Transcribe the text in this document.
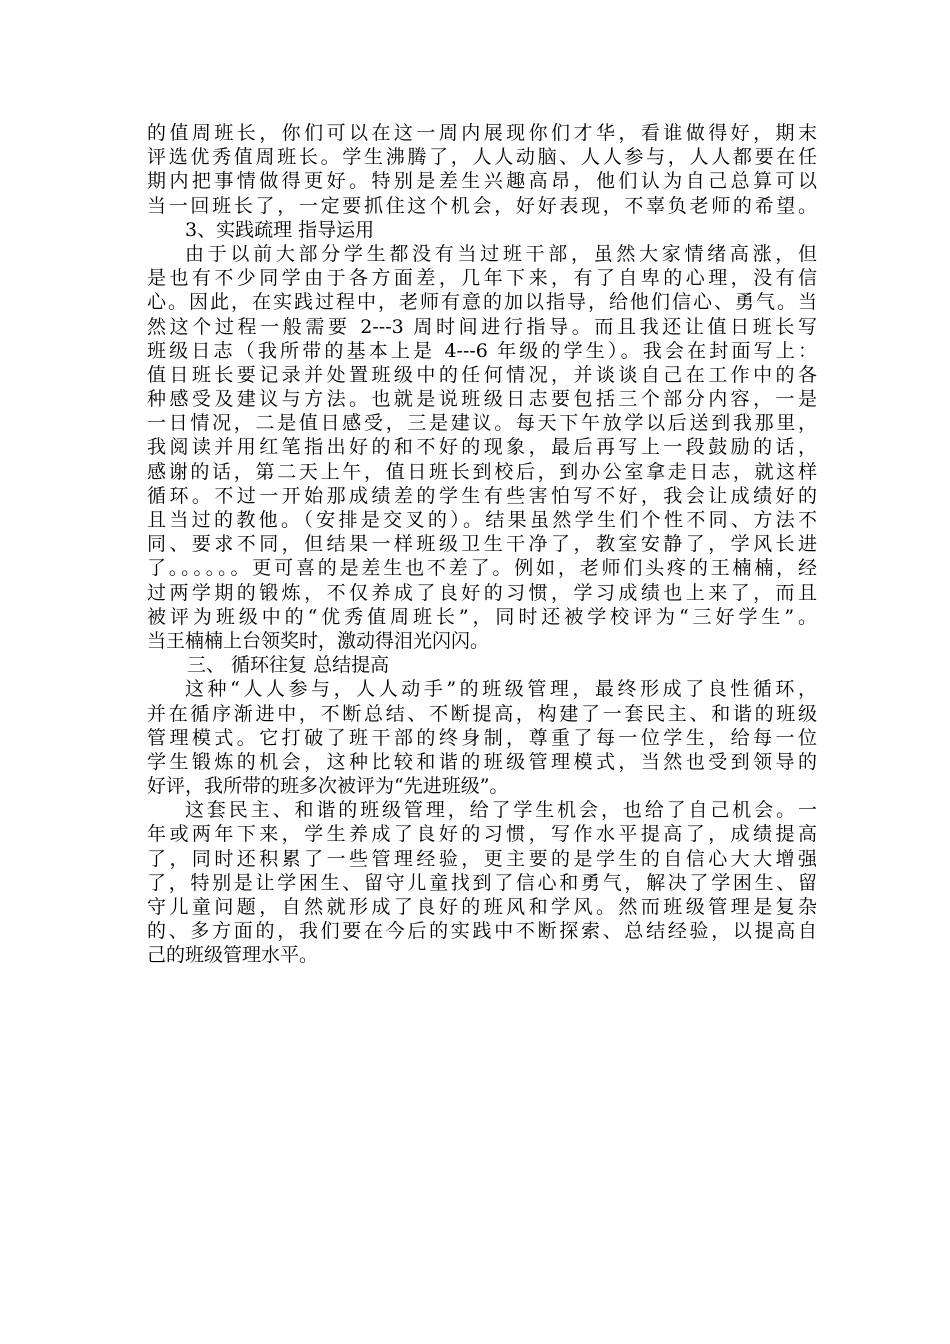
的值周班长，你们可以在这一周内展现你们才华，看谁做得好，期末
评选优秀值周班长。学生沸腾了，人人动脑、人人参与，人人都要在任
期内把事情做得更好。特别是差生兴趣高昂，他们认为自己总算可以
当一回班长了，一定要抓住这个机会，好好表现，不辜负老师的希望。
3、实践疏理 指导运用
由于以前大部分学生都没有当过班干部，虽然大家情绪高涨，但
是也有不少同学由于各方面差，几年下来，有了自卑的心理，没有信
心。因此，在实践过程中，老师有意的加以指导，给他们信心、勇气。当
然这个过程一般需要 2---3 周时间进行指导。而且我还让值日班长写
班级日志（我所带的基本上是 4---6 年级的学生）。我会在封面写上：
值日班长要记录并处置班级中的任何情况，并谈谈自己在工作中的各
种感受及建议与方法。也就是说班级日志要包括三个部分内容，一是
一日情况，二是值日感受，三是建议。每天下午放学以后送到我那里，
我阅读并用红笔指出好的和不好的现象，最后再写上一段鼓励的话，
感谢的话，第二天上午，值日班长到校后，到办公室拿走日志，就这样
循环。不过一开始那成绩差的学生有些害怕写不好，我会让成绩好的
且当过的教他。（安排是交叉的）。结果虽然学生们个性不同、方法不
同、要求不同，但结果一样班级卫生干净了，教室安静了，学风长进
了。。。。。。更可喜的是差生也不差了。例如，老师们头疼的王楠楠，经
过两学期的锻炼，不仅养成了良好的习惯，学习成绩也上来了，而且
被评为班级中的“优秀值周班长”，同时还被学校评为“三好学生”。
当王楠楠上台领奖时，激动得泪光闪闪。
三、 循环往复 总结提高
这种“人人参与，人人动手”的班级管理，最终形成了良性循环，
并在循序渐进中，不断总结、不断提高，构建了一套民主、和谐的班级
管理模式。它打破了班干部的终身制，尊重了每一位学生，给每一位
学生锻炼的机会，这种比较和谐的班级管理模式，当然也受到领导的
好评，我所带的班多次被评为“先进班级”。
这套民主、和谐的班级管理，给了学生机会，也给了自己机会。一
年或两年下来，学生养成了良好的习惯，写作水平提高了，成绩提高
了，同时还积累了一些管理经验，更主要的是学生的自信心大大增强
了，特别是让学困生、留守儿童找到了信心和勇气，解决了学困生、留
守儿童问题，自然就形成了良好的班风和学风。然而班级管理是复杂
的、多方面的，我们要在今后的实践中不断探索、总结经验，以提高自
己的班级管理水平。
